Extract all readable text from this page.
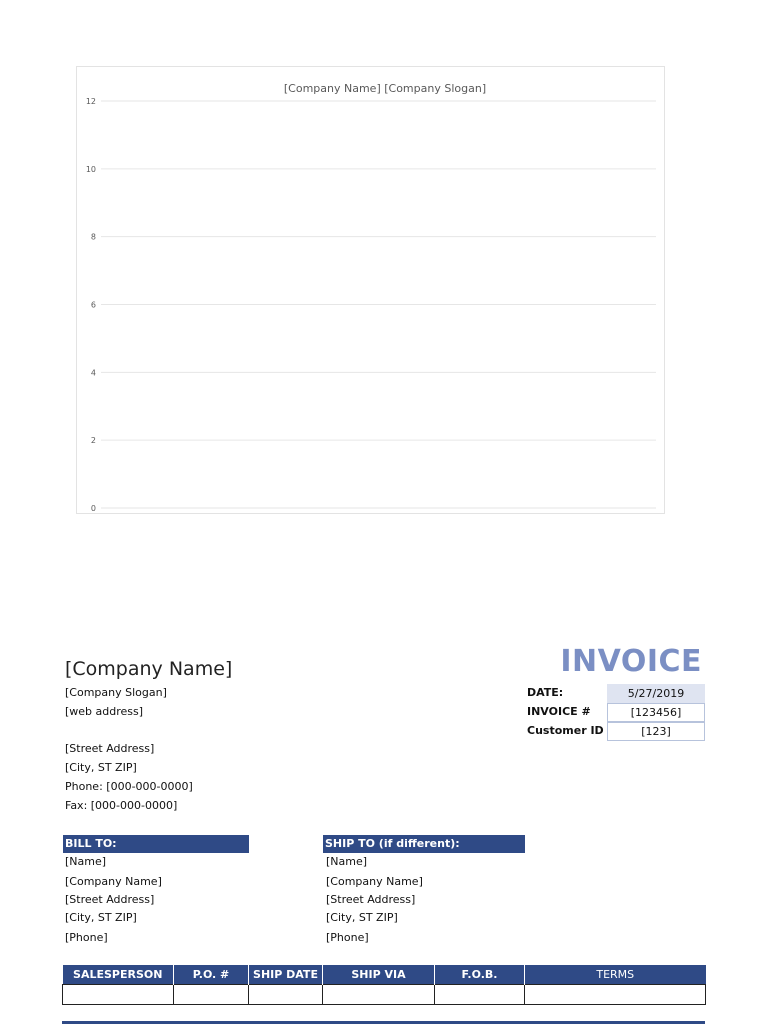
[Company Name] [Company Slogan]
0
2
4
6
8
10
12
[Company Name]
[Company Slogan]
[web address]
[Street Address]
[City, ST ZIP]
Phone: [000-000-0000]
Fax: [000-000-0000]
INVOICE
DATE:	5/27/2019
INVOICE #	[123456]
Customer ID	[123]
BILL TO:
[Name]
[Company Name]
[Street Address]
[City, ST ZIP]
[Phone]
SHIP TO (if different):
[Name]
[Company Name]
[Street Address]
[City, ST ZIP]
[Phone]
SALESPERSON	P.O. #	SHIP DATE	SHIP VIA	F.O.B.	TERMS
